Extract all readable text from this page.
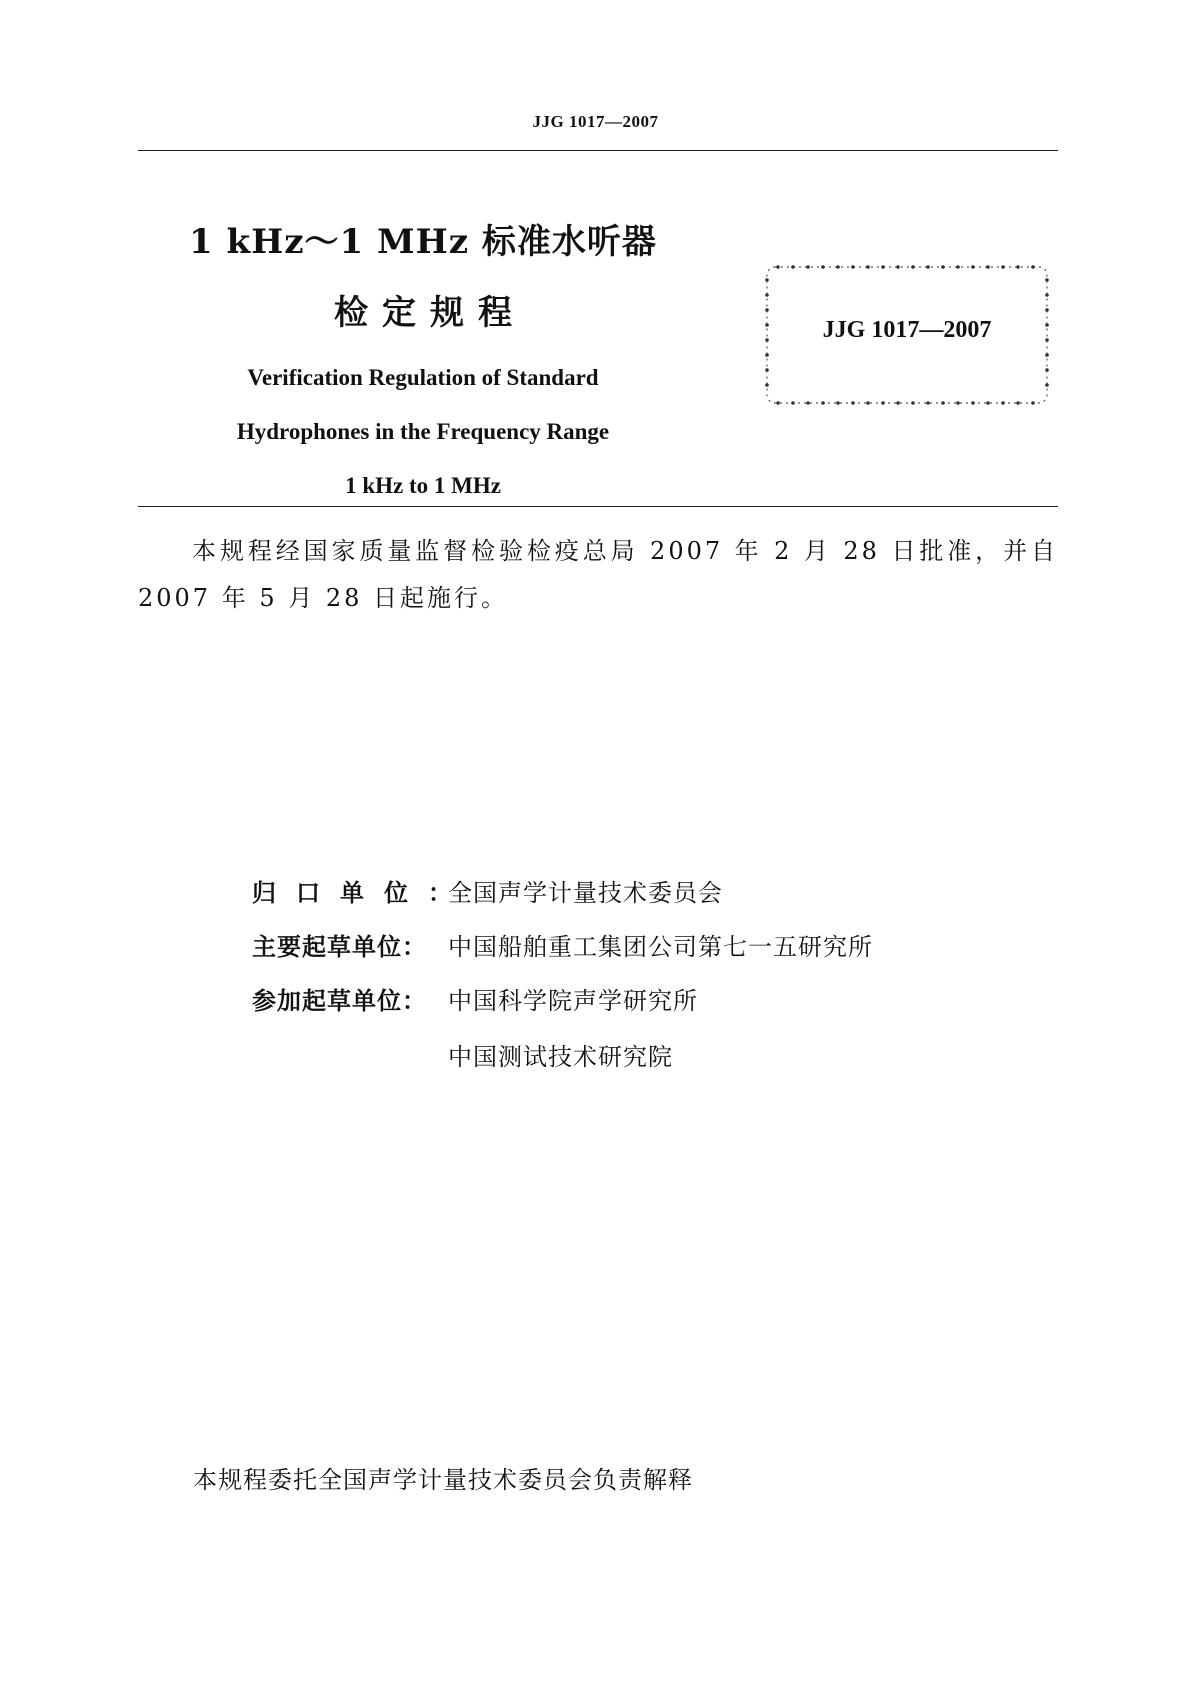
JJG 1017—2007
1 kHz～1 MHz 标准水听器
检定规程
Verification Regulation of Standard
Hydrophones in the Frequency Range
1 kHz to 1 MHz
JJG 1017—2007
本规程经国家质量监督检验检疫总局 2007 年 2 月 28 日批准，并自 2007 年 5 月 28 日起施行。
归口单位：
全国声学计量技术委员会
主要起草单位： 中国船舶重工集团公司第七一五研究所
参加起草单位： 中国科学院声学研究所
中国测试技术研究院
本规程委托全国声学计量技术委员会负责解释
